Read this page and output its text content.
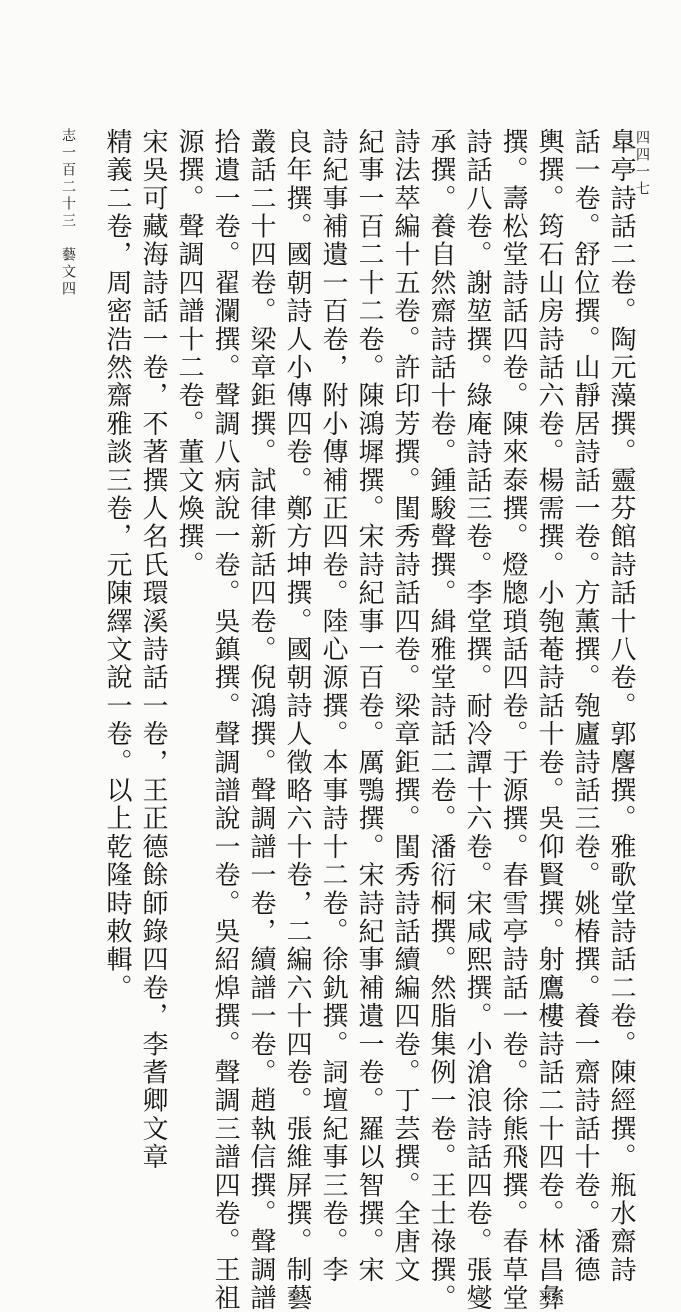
四四一七
臯亭詩話二卷。陶元藻撰。靈芬館詩話十八卷。郭麐撰。雅歌堂詩話二卷。陳經撰。瓶水齋詩
話一卷。舒位撰。山靜居詩話一卷。方薰撰。匏廬詩話三卷。姚椿撰。養一齋詩話十卷。潘德
輿撰。筠石山房詩話六卷。楊需撰。小匏菴詩話十卷。吳仰賢撰。射鷹樓詩話二十四卷。林昌彝
撰。壽松堂詩話四卷。陳來泰撰。燈牕瑣話四卷。于源撰。春雪亭詩話一卷。徐熊飛撰。春草堂
詩話八卷。謝堃撰。綠庵詩話三卷。李堂撰。耐冷譚十六卷。宋咸熙撰。小滄浪詩話四卷。張燮
承撰。養自然齋詩話十卷。鍾駿聲撰。緝雅堂詩話二卷。潘衍桐撰。然脂集例一卷。王士祿撰。
詩法萃編十五卷。許印芳撰。閨秀詩話四卷。梁章鉅撰。閨秀詩話續編四卷。丁芸撰。全唐文
紀事一百二十二卷。陳鴻墀撰。宋詩紀事一百卷。厲鶚撰。宋詩紀事補遺一卷。羅以智撰。宋
詩紀事補遺一百卷，附小傳補正四卷。陸心源撰。本事詩十二卷。徐釚撰。詞壇紀事三卷。李
良年撰。國朝詩人小傳四卷。鄭方坤撰。國朝詩人徵略六十卷，二編六十四卷。張維屏撰。制藝
叢話二十四卷。梁章鉅撰。試律新話四卷。倪鴻撰。聲調譜一卷，續譜一卷。趙執信撰。聲調譜
拾遺一卷。翟瀾撰。聲調八病說一卷。吳鎮撰。聲調譜說一卷。吳紹㷆撰。聲調三譜四卷。王祖
源撰。聲調四譜十二卷。董文煥撰。
宋吳可藏海詩話一卷，不著撰人名氏環溪詩話一卷，王正德餘師錄四卷，李耆卿文章
精義二卷，周密浩然齋雅談三卷，元陳繹文說一卷。以上乾隆時敕輯。
志一百二十三　藝文四
